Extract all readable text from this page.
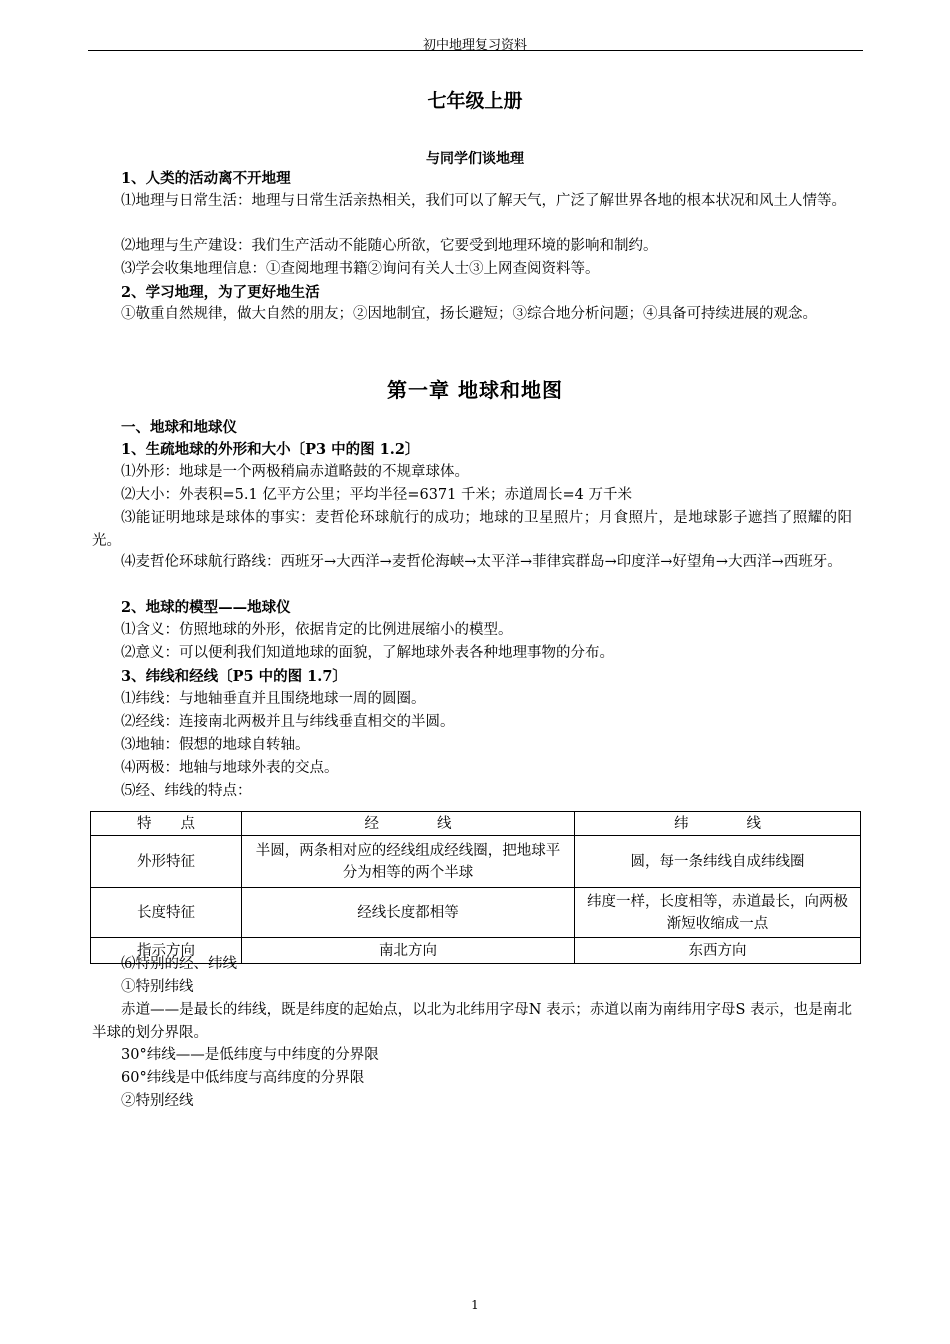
初中地理复习资料
七年级上册
与同学们谈地理
1、人类的活动离不开地理
⑴地理与日常生活：地理与日常生活亲热相关，我们可以了解天气，广泛了解世界各地的根本状况和风土人情等。
⑵地理与生产建设：我们生产活动不能随心所欲，它要受到地理环境的影响和制约。
⑶学会收集地理信息：①查阅地理书籍②询问有关人士③上网查阅资料等。
2、学习地理，为了更好地生活
①敬重自然规律，做大自然的朋友；②因地制宜，扬长避短；③综合地分析问题；④具备可持续进展的观念。
第一章 地球和地图
一、地球和地球仪
1、生疏地球的外形和大小〔P3 中的图 1.2〕
⑴外形：地球是一个两极稍扁赤道略鼓的不规章球体。
⑵大小：外表积=5.1 亿平方公里；平均半径=6371 千米；赤道周长=4 万千米
⑶能证明地球是球体的事实：麦哲伦环球航行的成功；地球的卫星照片；月食照片，是地球影子遮挡了照耀的阳光。
⑷麦哲伦环球航行路线：西班牙→大西洋→麦哲伦海峡→太平洋→菲律宾群岛→印度洋→好望角→大西洋→西班牙。
2、地球的模型——地球仪
⑴含义：仿照地球的外形，依据肯定的比例进展缩小的模型。
⑵意义：可以便利我们知道地球的面貌，了解地球外表各种地理事物的分布。
3、纬线和经线〔P5 中的图 1.7〕
⑴纬线：与地轴垂直并且围绕地球一周的圆圈。
⑵经线：连接南北两极并且与纬线垂直相交的半圆。
⑶地轴：假想的地球自转轴。
⑷两极：地轴与地球外表的交点。
⑸经、纬线的特点：
特　　点	经　　　　线	纬　　　　线
外形特征	半圆，两条相对应的经线组成经线圈，把地球平分为相等的两个半球	圆，每一条纬线自成纬线圈
长度特征	经线长度都相等	纬度一样，长度相等，赤道最长，向两极渐短收缩成一点
指示方向	南北方向	东西方向
⑹特别的经、纬线
①特别纬线
赤道——是最长的纬线，既是纬度的起始点，以北为北纬用字母N 表示；赤道以南为南纬用字母S 表示，也是南北半球的划分界限。
30°纬线——是低纬度与中纬度的分界限
60°纬线是中低纬度与高纬度的分界限
②特别经线
1
